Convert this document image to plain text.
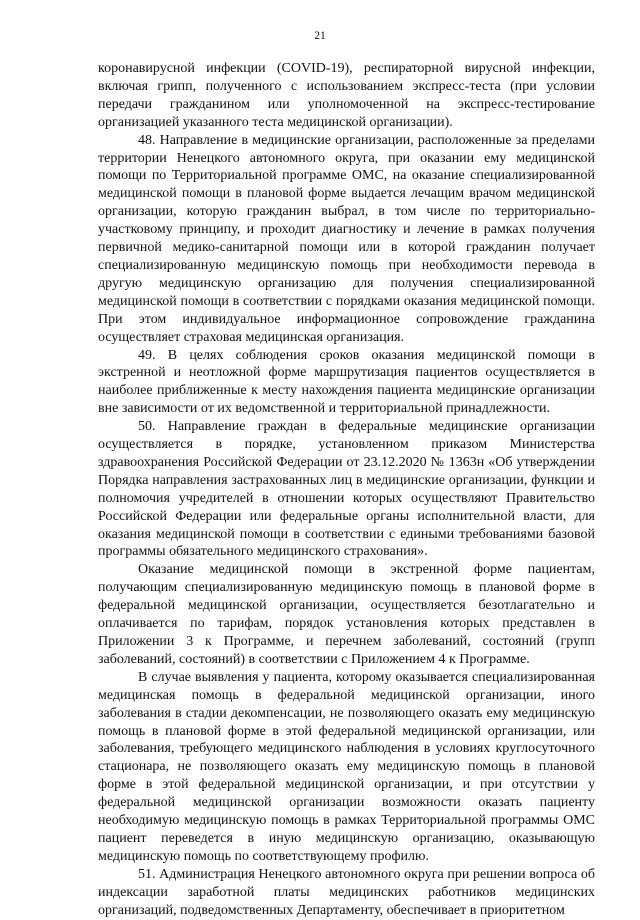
21

коронавирусной инфекции (COVID-19), респираторной вирусной инфекции, включая грипп, полученного с использованием экспресс-теста (при условии передачи гражданином или уполномоченной на экспресс-тестирование организацией указанного теста медицинской организации).

48. Направление в медицинские организации, расположенные за пределами территории Ненецкого автономного округа, при оказании ему медицинской помощи по Территориальной программе ОМС, на оказание специализированной медицинской помощи в плановой форме выдается лечащим врачом медицинской организации, которую гражданин выбрал, в том числе по территориально-участковому принципу, и проходит диагностику и лечение в рамках получения первичной медико-санитарной помощи или в которой гражданин получает специализированную медицинскую помощь при необходимости перевода в другую медицинскую организацию для получения специализированной медицинской помощи в соответствии с порядками оказания медицинской помощи. При этом индивидуальное информационное сопровождение гражданина осуществляет страховая медицинская организация.

49. В целях соблюдения сроков оказания медицинской помощи в экстренной и неотложной форме маршрутизация пациентов осуществляется в наиболее приближенные к месту нахождения пациента медицинские организации вне зависимости от их ведомственной и территориальной принадлежности.

50. Направление граждан в федеральные медицинские организации осуществляется в порядке, установленном приказом Министерства здравоохранения Российской Федерации от 23.12.2020 № 1363н «Об утверждении Порядка направления застрахованных лиц в медицинские организации, функции и полномочия учредителей в отношении которых осуществляют Правительство Российской Федерации или федеральные органы исполнительной власти, для оказания медицинской помощи в соответствии с едиными требованиями базовой программы обязательного медицинского страхования».

Оказание медицинской помощи в экстренной форме пациентам, получающим специализированную медицинскую помощь в плановой форме в федеральной медицинской организации, осуществляется безотлагательно и оплачивается по тарифам, порядок установления которых представлен в Приложении 3 к Программе, и перечнем заболеваний, состояний (групп заболеваний, состояний) в соответствии с Приложением 4 к Программе.

В случае выявления у пациента, которому оказывается специализированная медицинская помощь в федеральной медицинской организации, иного заболевания в стадии декомпенсации, не позволяющего оказать ему медицинскую помощь в плановой форме в этой федеральной медицинской организации, или заболевания, требующего медицинского наблюдения в условиях круглосуточного стационара, не позволяющего оказать ему медицинскую помощь в плановой форме в этой федеральной медицинской организации, и при отсутствии у федеральной медицинской организации возможности оказать пациенту необходимую медицинскую помощь в рамках Территориальной программы ОМС пациент переведется в иную медицинскую организацию, оказывающую медицинскую помощь по соответствующему профилю.

51. Администрация Ненецкого автономного округа при решении вопроса об индексации заработной платы медицинских работников медицинских организаций, подведомственных Департаменту, обеспечивает в приоритетном
